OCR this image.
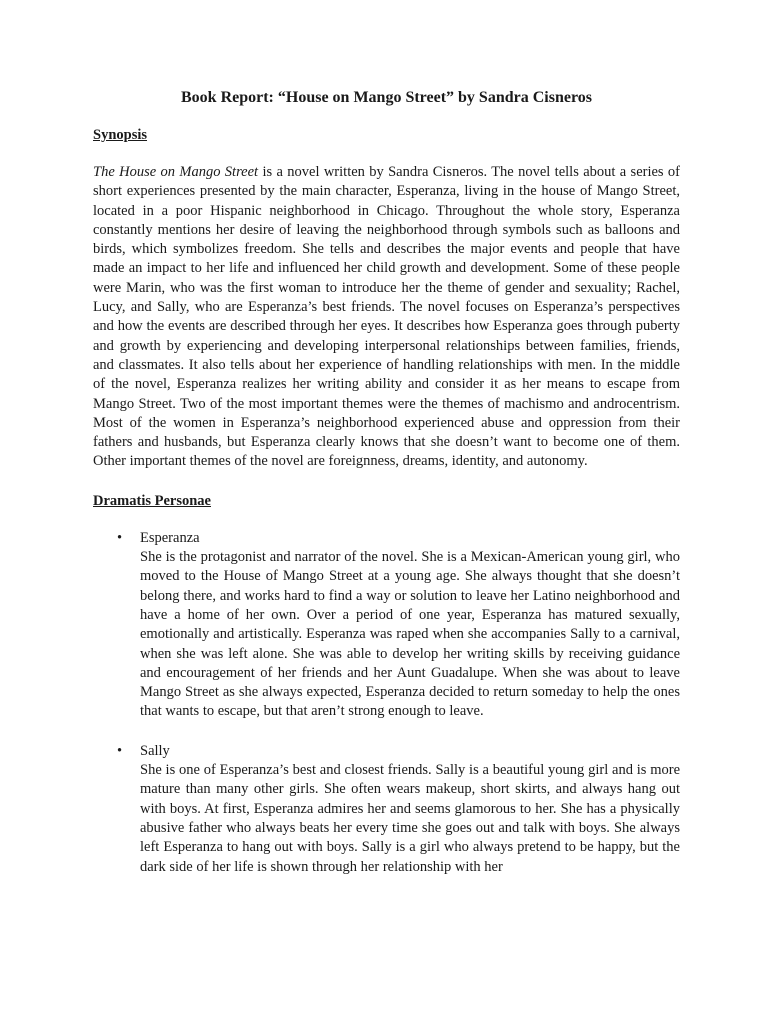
Book Report: “House on Mango Street” by Sandra Cisneros
Synopsis

The House on Mango Street is a novel written by Sandra Cisneros. The novel tells about a series of short experiences presented by the main character, Esperanza, living in the house of Mango Street, located in a poor Hispanic neighborhood in Chicago. Throughout the whole story, Esperanza constantly mentions her desire of leaving the neighborhood through symbols such as balloons and birds, which symbolizes freedom. She tells and describes the major events and people that have made an impact to her life and influenced her child growth and development. Some of these people were Marin, who was the first woman to introduce her the theme of gender and sexuality; Rachel, Lucy, and Sally, who are Esperanza’s best friends. The novel focuses on Esperanza’s perspectives and how the events are described through her eyes. It describes how Esperanza goes through puberty and growth by experiencing and developing interpersonal relationships between families, friends, and classmates. It also tells about her experience of handling relationships with men. In the middle of the novel, Esperanza realizes her writing ability and consider it as her means to escape from Mango Street. Two of the most important themes were the themes of machismo and androcentrism. Most of the women in Esperanza’s neighborhood experienced abuse and oppression from their fathers and husbands, but Esperanza clearly knows that she doesn’t want to become one of them. Other important themes of the novel are foreignness, dreams, identity, and autonomy.

Dramatis Personae
• Esperanza

She is the protagonist and narrator of the novel. She is a Mexican-American young girl, who moved to the House of Mango Street at a young age. She always thought that she doesn’t belong there, and works hard to find a way or solution to leave her Latino neighborhood and have a home of her own. Over a period of one year, Esperanza has matured sexually, emotionally and artistically. Esperanza was raped when she accompanies Sally to a carnival, when she was left alone. She was able to develop her writing skills by receiving guidance and encouragement of her friends and her Aunt Guadalupe. When she was about to leave Mango Street as she always expected, Esperanza decided to return someday to help the ones that wants to escape, but that aren’t strong enough to leave.

• Sally

She is one of Esperanza’s best and closest friends. Sally is a beautiful young girl and is more mature than many other girls. She often wears makeup, short skirts, and always hang out with boys. At first, Esperanza admires her and seems glamorous to her. She has a physically abusive father who always beats her every time she goes out and talk with boys. She always left Esperanza to hang out with boys. Sally is a girl who always pretend to be happy, but the dark side of her life is shown through her relationship with her
